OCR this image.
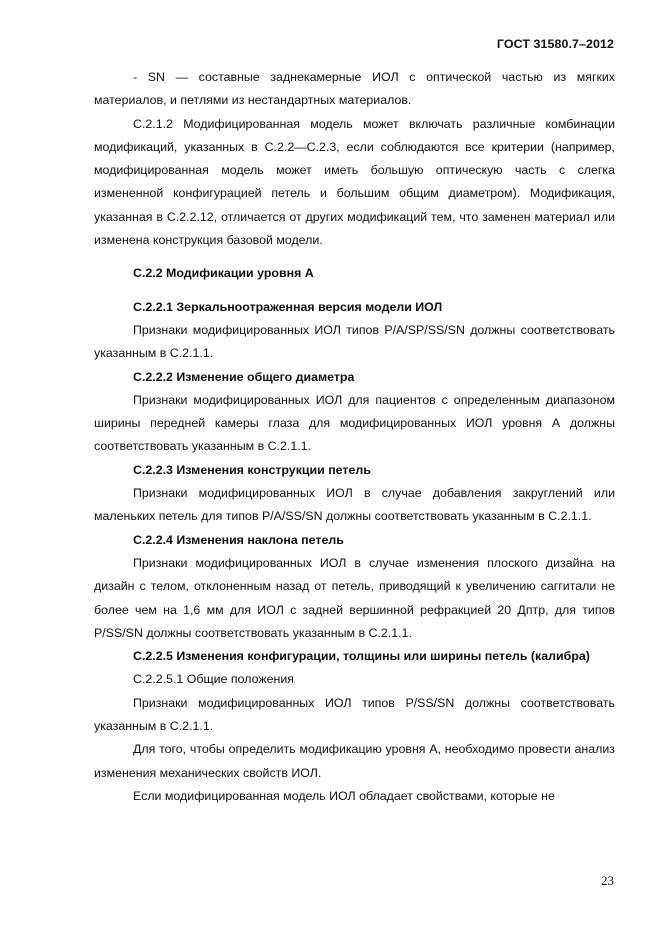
ГОСТ 31580.7–2012

- SN — составные заднекамерные ИОЛ с оптической частью из мягких материалов, и петлями из нестандартных материалов.

С.2.1.2 Модифицированная модель может включать различные комбинации модификаций, указанных в С.2.2—С.2.3, если соблюдаются все критерии (например, модифицированная модель может иметь большую оптическую часть с слегка измененной конфигурацией петель и большим общим диаметром). Модификация, указанная в С.2.2.12, отличается от других модификаций тем, что заменен материал или изменена конструкция базовой модели.

С.2.2 Модификации уровня А

С.2.2.1 Зеркальноотраженная версия модели ИОЛ

Признаки модифицированных ИОЛ типов P/A/SP/SS/SN должны соответствовать указанным в С.2.1.1.

С.2.2.2 Изменение общего диаметра

Признаки модифицированных ИОЛ для пациентов с определенным диапазоном ширины передней камеры глаза для модифицированных ИОЛ уровня А должны соответствовать указанным в С.2.1.1.

С.2.2.3 Изменения конструкции петель

Признаки модифицированных ИОЛ в случае добавления закруглений или маленьких петель для типов P/A/SS/SN должны соответствовать указанным в С.2.1.1.

С.2.2.4 Изменения наклона петель

Признаки модифицированных ИОЛ в случае изменения плоского дизайна на дизайн с телом, отклоненным назад от петель, приводящий к увеличению саггитали не более чем на 1,6 мм для ИОЛ с задней вершинной рефракцией 20 Дптр, для типов P/SS/SN должны соответствовать указанным в С.2.1.1.

С.2.2.5 Изменения конфигурации, толщины или ширины петель (калибра)

С.2.2.5.1 Общие положения

Признаки модифицированных ИОЛ типов P/SS/SN должны соответствовать указанным в С.2.1.1.

Для того, чтобы определить модификацию уровня А, необходимо провести анализ изменения механических свойств ИОЛ.

Если модифицированная модель ИОЛ обладает свойствами, которые не

23
